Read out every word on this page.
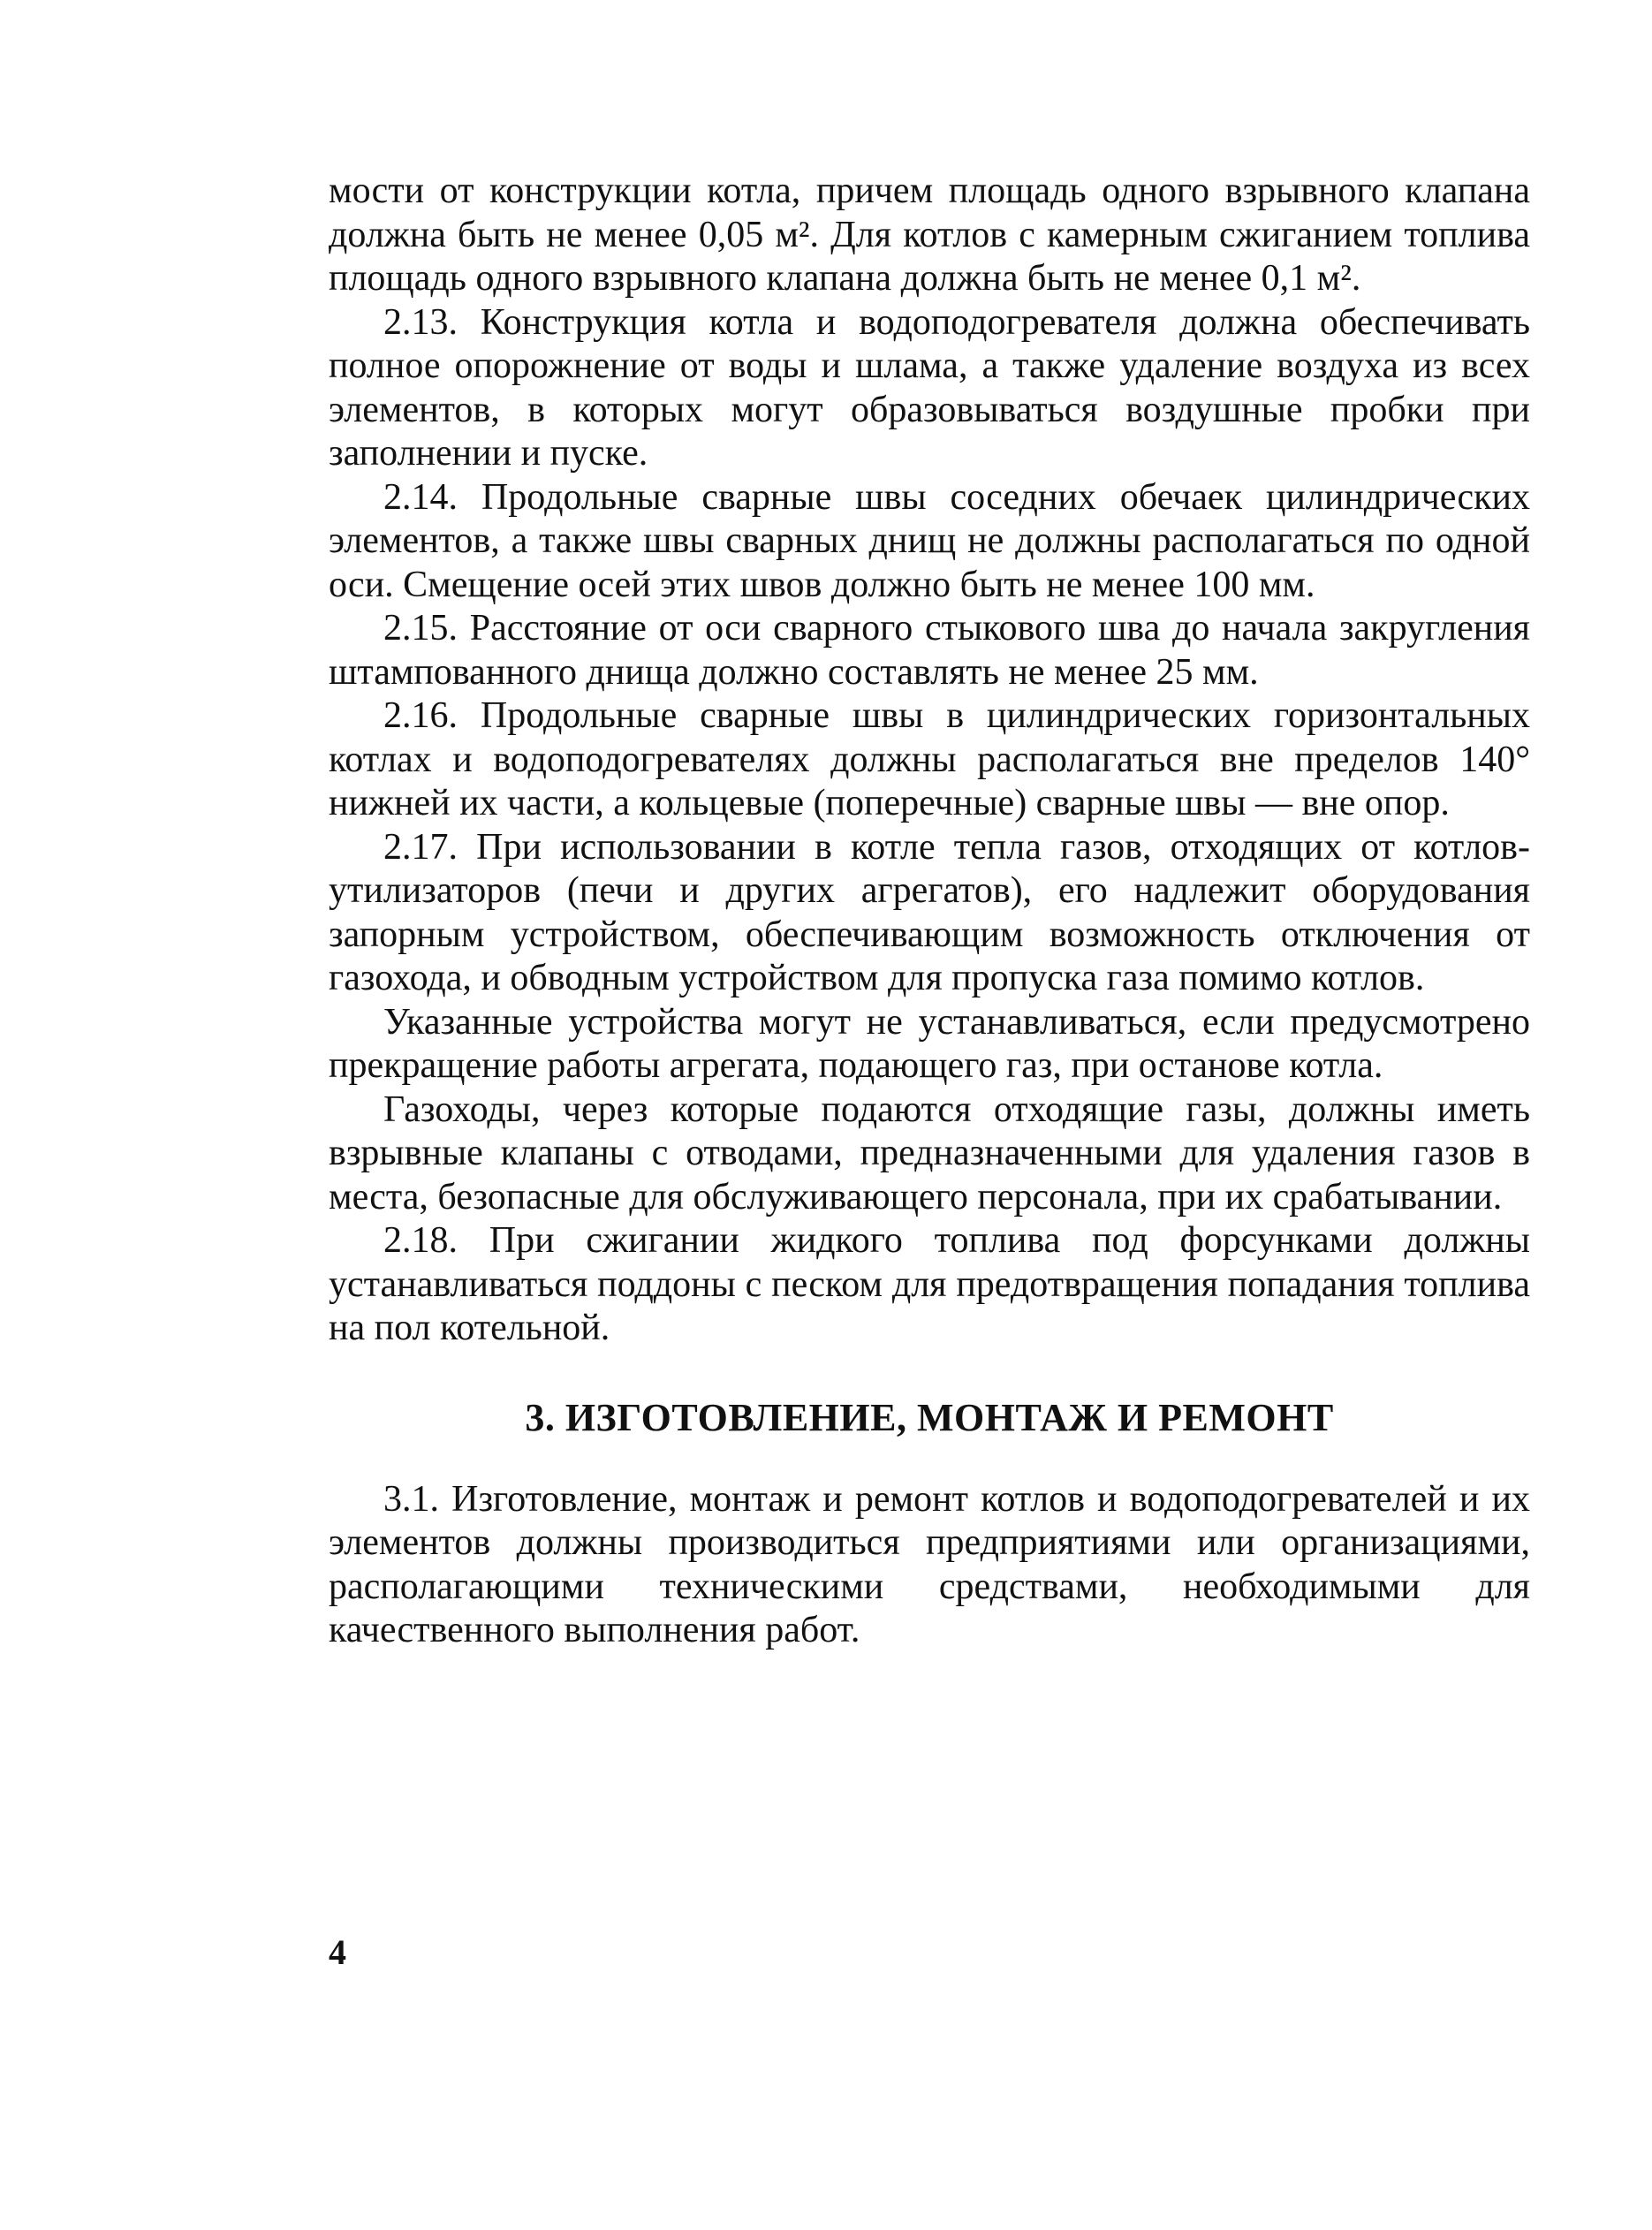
мости от конструкции котла, причем площадь одного взрывного клапана должна быть не менее 0,05 м². Для котлов с камерным сжиганием топлива площадь одного взрывного клапана должна быть не менее 0,1 м².

2.13. Конструкция котла и водоподогревателя должна обеспечивать полное опорожнение от воды и шлама, а также удаление воздуха из всех элементов, в которых могут образовываться воздушные пробки при заполнении и пуске.

2.14. Продольные сварные швы соседних обечаек цилиндрических элементов, а также швы сварных днищ не должны располагаться по одной оси. Смещение осей этих швов должно быть не менее 100 мм.

2.15. Расстояние от оси сварного стыкового шва до начала закругления штампованного днища должно составлять не менее 25 мм.

2.16. Продольные сварные швы в цилиндрических горизонтальных котлах и водоподогревателях должны располагаться вне пределов 140° нижней их части, а кольцевые (поперечные) сварные швы — вне опор.

2.17. При использовании в котле тепла газов, отходящих от котлов-утилизаторов (печи и других агрегатов), его надлежит оборудования запорным устройством, обеспечивающим возможность отключения от газохода, и обводным устройством для пропуска газа помимо котлов.

Указанные устройства могут не устанавливаться, если предусмотрено прекращение работы агрегата, подающего газ, при останове котла.

Газоходы, через которые подаются отходящие газы, должны иметь взрывные клапаны с отводами, предназначенными для удаления газов в места, безопасные для обслуживающего персонала, при их срабатывании.

2.18. При сжигании жидкого топлива под форсунками должны устанавливаться поддоны с песком для предотвращения попадания топлива на пол котельной.

3. ИЗГОТОВЛЕНИЕ, МОНТАЖ И РЕМОНТ

3.1. Изготовление, монтаж и ремонт котлов и водоподогревателей и их элементов должны производиться предприятиями или организациями, располагающими техническими средствами, необходимыми для качественного выполнения работ.

4
